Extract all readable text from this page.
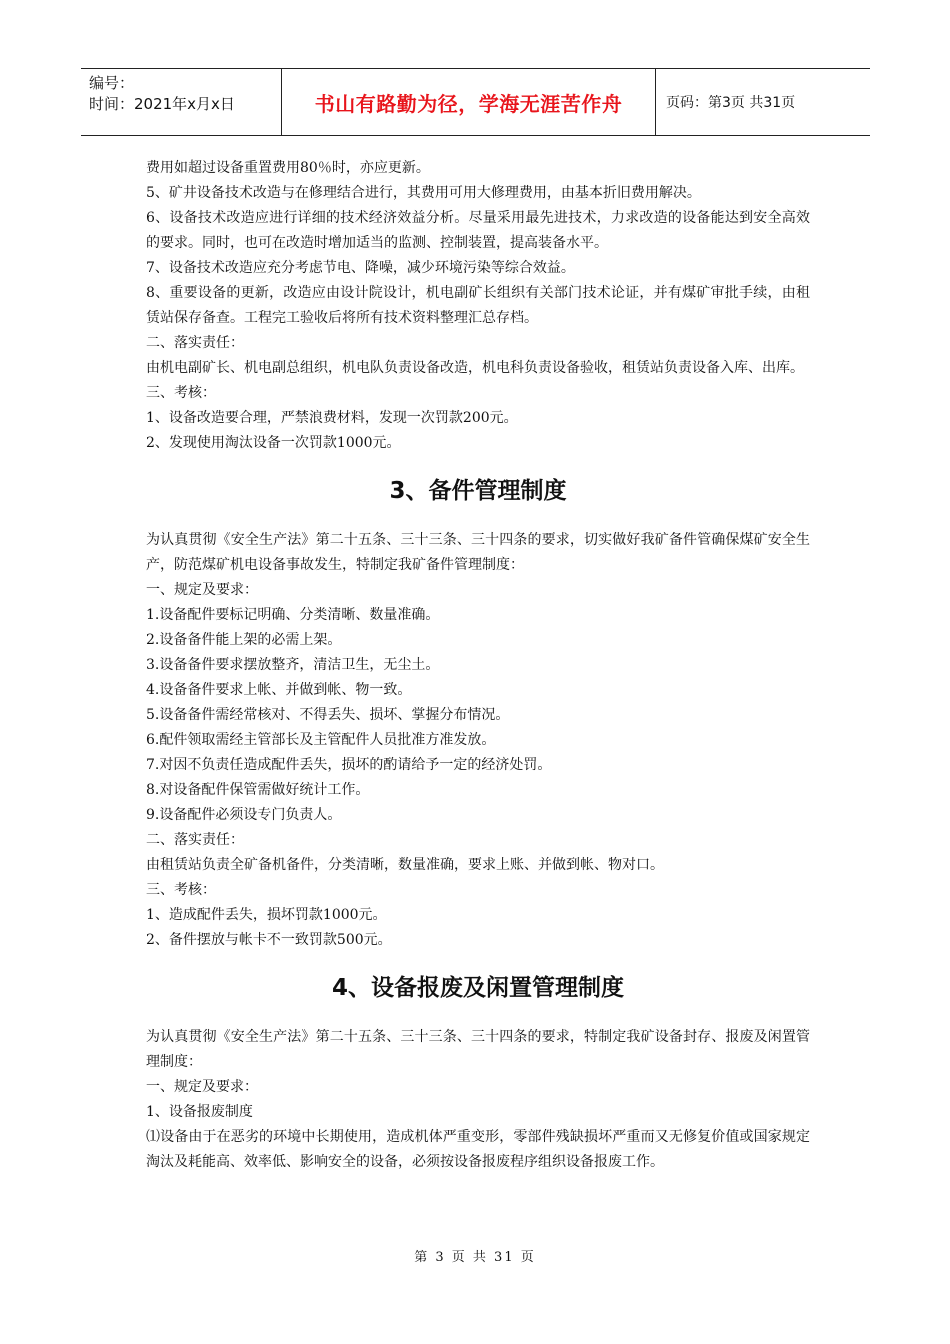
编号：
时间：2021年x月x日	书山有路勤为径，学海无涯苦作舟	页码：第3页 共31页

费用如超过设备重置费用80％时，亦应更新。

5、矿井设备技术改造与在修理结合进行，其费用可用大修理费用，由基本折旧费用解决。

6、设备技术改造应进行详细的技术经济效益分析。尽量采用最先进技术，力求改造的设备能达到安全高效的要求。同时，也可在改造时增加适当的监测、控制装置，提高装备水平。

7、设备技术改造应充分考虑节电、降噪，减少环境污染等综合效益。

8、重要设备的更新，改造应由设计院设计，机电副矿长组织有关部门技术论证，并有煤矿审批手续，由租赁站保存备查。工程完工验收后将所有技术资料整理汇总存档。

二、落实责任：

由机电副矿长、机电副总组织，机电队负责设备改造，机电科负责设备验收，租赁站负责设备入库、出库。

三、考核：

1、设备改造要合理，严禁浪费材料，发现一次罚款200元。

2、发现使用淘汰设备一次罚款1000元。

3、备件管理制度

为认真贯彻《安全生产法》第二十五条、三十三条、三十四条的要求，切实做好我矿备件管确保煤矿安全生产，防范煤矿机电设备事故发生，特制定我矿备件管理制度：

一、规定及要求：

1.设备配件要标记明确、分类清晰、数量准确。

2.设备备件能上架的必需上架。

3.设备备件要求摆放整齐，清洁卫生，无尘土。

4.设备备件要求上帐、并做到帐、物一致。

5.设备备件需经常核对、不得丢失、损坏、掌握分布情况。

6.配件领取需经主管部长及主管配件人员批准方准发放。

7.对因不负责任造成配件丢失，损坏的酌请给予一定的经济处罚。

8.对设备配件保管需做好统计工作。

9.设备配件必须设专门负责人。

二、落实责任：

由租赁站负责全矿备机备件，分类清晰，数量准确，要求上账、并做到帐、物对口。

三、考核：

1、造成配件丢失，损坏罚款1000元。

2、备件摆放与帐卡不一致罚款500元。

4、设备报废及闲置管理制度

为认真贯彻《安全生产法》第二十五条、三十三条、三十四条的要求，特制定我矿设备封存、报废及闲置管理制度：

一、规定及要求：

1、设备报废制度

⑴设备由于在恶劣的环境中长期使用，造成机体严重变形，零部件残缺损坏严重而又无修复价值或国家规定淘汰及耗能高、效率低、影响安全的设备，必须按设备报废程序组织设备报废工作。

第 3 页 共 31 页
